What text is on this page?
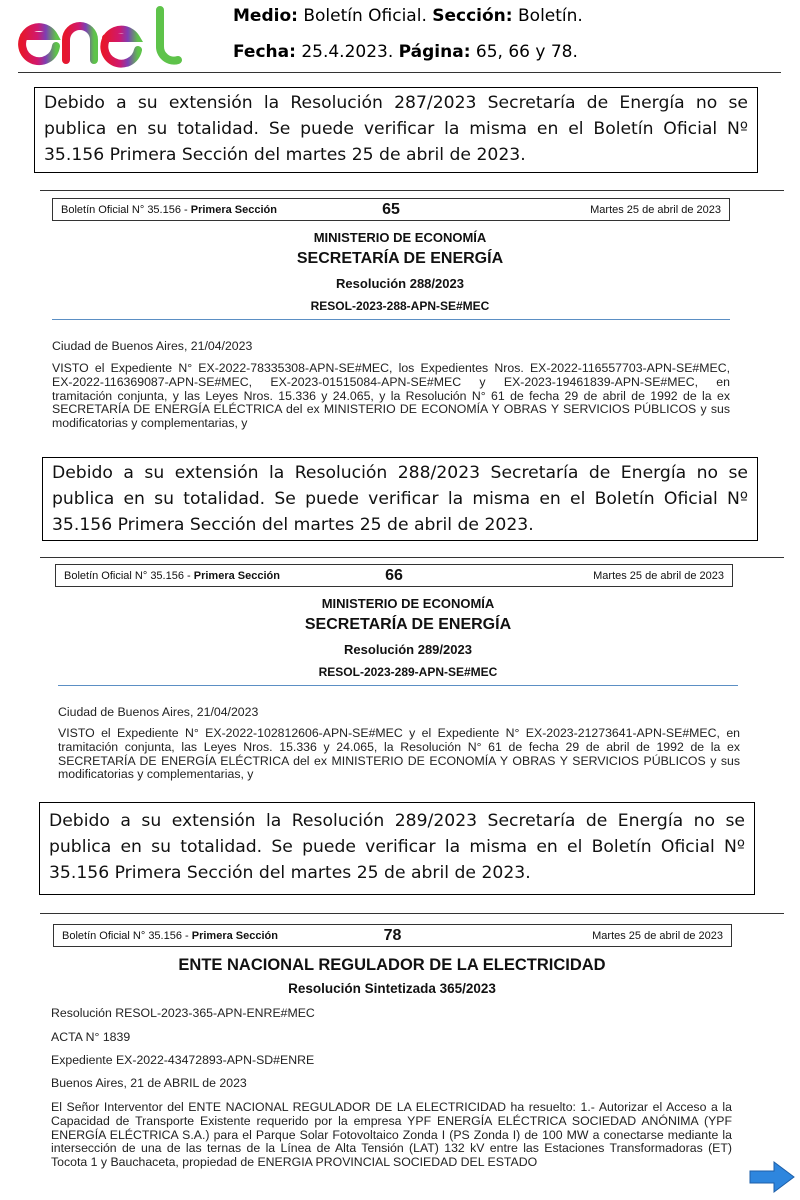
Medio: Boletín Oficial. Sección: Boletín.
Fecha: 25.4.2023. Página: 65, 66 y 78.
Debido a su extensión la Resolución 287/2023 Secretaría de Energía no se publica en su totalidad. Se puede verificar la misma en el Boletín Oficial Nº 35.156 Primera Sección del martes 25 de abril de 2023.
Boletín Oficial N° 35.156 - Primera Sección	65	Martes 25 de abril de 2023
MINISTERIO DE ECONOMÍA
SECRETARÍA DE ENERGÍA
Resolución 288/2023
RESOL-2023-288-APN-SE#MEC
Ciudad de Buenos Aires, 21/04/2023
VISTO el Expediente N° EX-2022-78335308-APN-SE#MEC, los Expedientes Nros. EX-2022-116557703-APN-SE#MEC, EX-2022-116369087-APN-SE#MEC, EX-2023-01515084-APN-SE#MEC y EX-2023-19461839-APN-SE#MEC, en tramitación conjunta, y las Leyes Nros. 15.336 y 24.065, y la Resolución N° 61 de fecha 29 de abril de 1992 de la ex SECRETARÍA DE ENERGÍA ELÉCTRICA del ex MINISTERIO DE ECONOMÍA Y OBRAS Y SERVICIOS PÚBLICOS y sus modificatorias y complementarias, y
Debido a su extensión la Resolución 288/2023 Secretaría de Energía no se publica en su totalidad. Se puede verificar la misma en el Boletín Oficial Nº 35.156 Primera Sección del martes 25 de abril de 2023.
Boletín Oficial N° 35.156 - Primera Sección	66	Martes 25 de abril de 2023
MINISTERIO DE ECONOMÍA
SECRETARÍA DE ENERGÍA
Resolución 289/2023
RESOL-2023-289-APN-SE#MEC
Ciudad de Buenos Aires, 21/04/2023
VISTO el Expediente N° EX-2022-102812606-APN-SE#MEC y el Expediente N° EX-2023-21273641-APN-SE#MEC, en tramitación conjunta, las Leyes Nros. 15.336 y 24.065, la Resolución N° 61 de fecha 29 de abril de 1992 de la ex SECRETARÍA DE ENERGÍA ELÉCTRICA del ex MINISTERIO DE ECONOMÍA Y OBRAS Y SERVICIOS PÚBLICOS y sus modificatorias y complementarias, y
Debido a su extensión la Resolución 289/2023 Secretaría de Energía no se publica en su totalidad. Se puede verificar la misma en el Boletín Oficial Nº 35.156 Primera Sección del martes 25 de abril de 2023.
Boletín Oficial N° 35.156 - Primera Sección	78	Martes 25 de abril de 2023
ENTE NACIONAL REGULADOR DE LA ELECTRICIDAD
Resolución Sintetizada 365/2023
Resolución RESOL-2023-365-APN-ENRE#MEC
ACTA N° 1839
Expediente EX-2022-43472893-APN-SD#ENRE
Buenos Aires, 21 de ABRIL de 2023
El Señor Interventor del ENTE NACIONAL REGULADOR DE LA ELECTRICIDAD ha resuelto: 1.- Autorizar el Acceso a la Capacidad de Transporte Existente requerido por la empresa YPF ENERGÍA ELÉCTRICA SOCIEDAD ANÓNIMA (YPF ENERGÍA ELÉCTRICA S.A.) para el Parque Solar Fotovoltaico Zonda I (PS Zonda I) de 100 MW a conectarse mediante la intersección de una de las ternas de la Línea de Alta Tensión (LAT) 132 kV entre las Estaciones Transformadoras (ET) Tocota 1 y Bauchaceta, propiedad de ENERGIA PROVINCIAL SOCIEDAD DEL ESTADO
